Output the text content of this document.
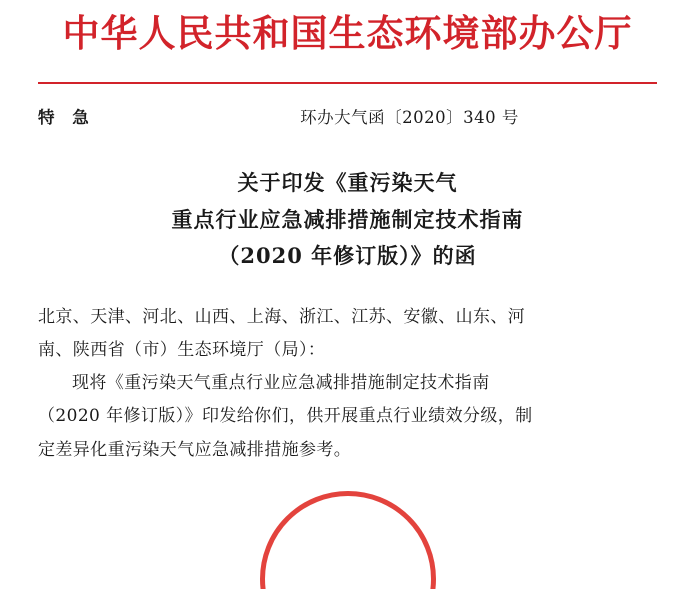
中华人民共和国生态环境部办公厅
特 急	环办大气函〔2020〕340 号
关于印发《重污染天气
重点行业应急减排措施制定技术指南
（2020 年修订版）》的函

北京、天津、河北、山西、上海、浙江、江苏、安徽、山东、河

南、陕西省（市）生态环境厅（局）：

现将《重污染天气重点行业应急减排措施制定技术指南

（2020 年修订版）》印发给你们，供开展重点行业绩效分级，制

定差异化重污染天气应急减排措施参考。
